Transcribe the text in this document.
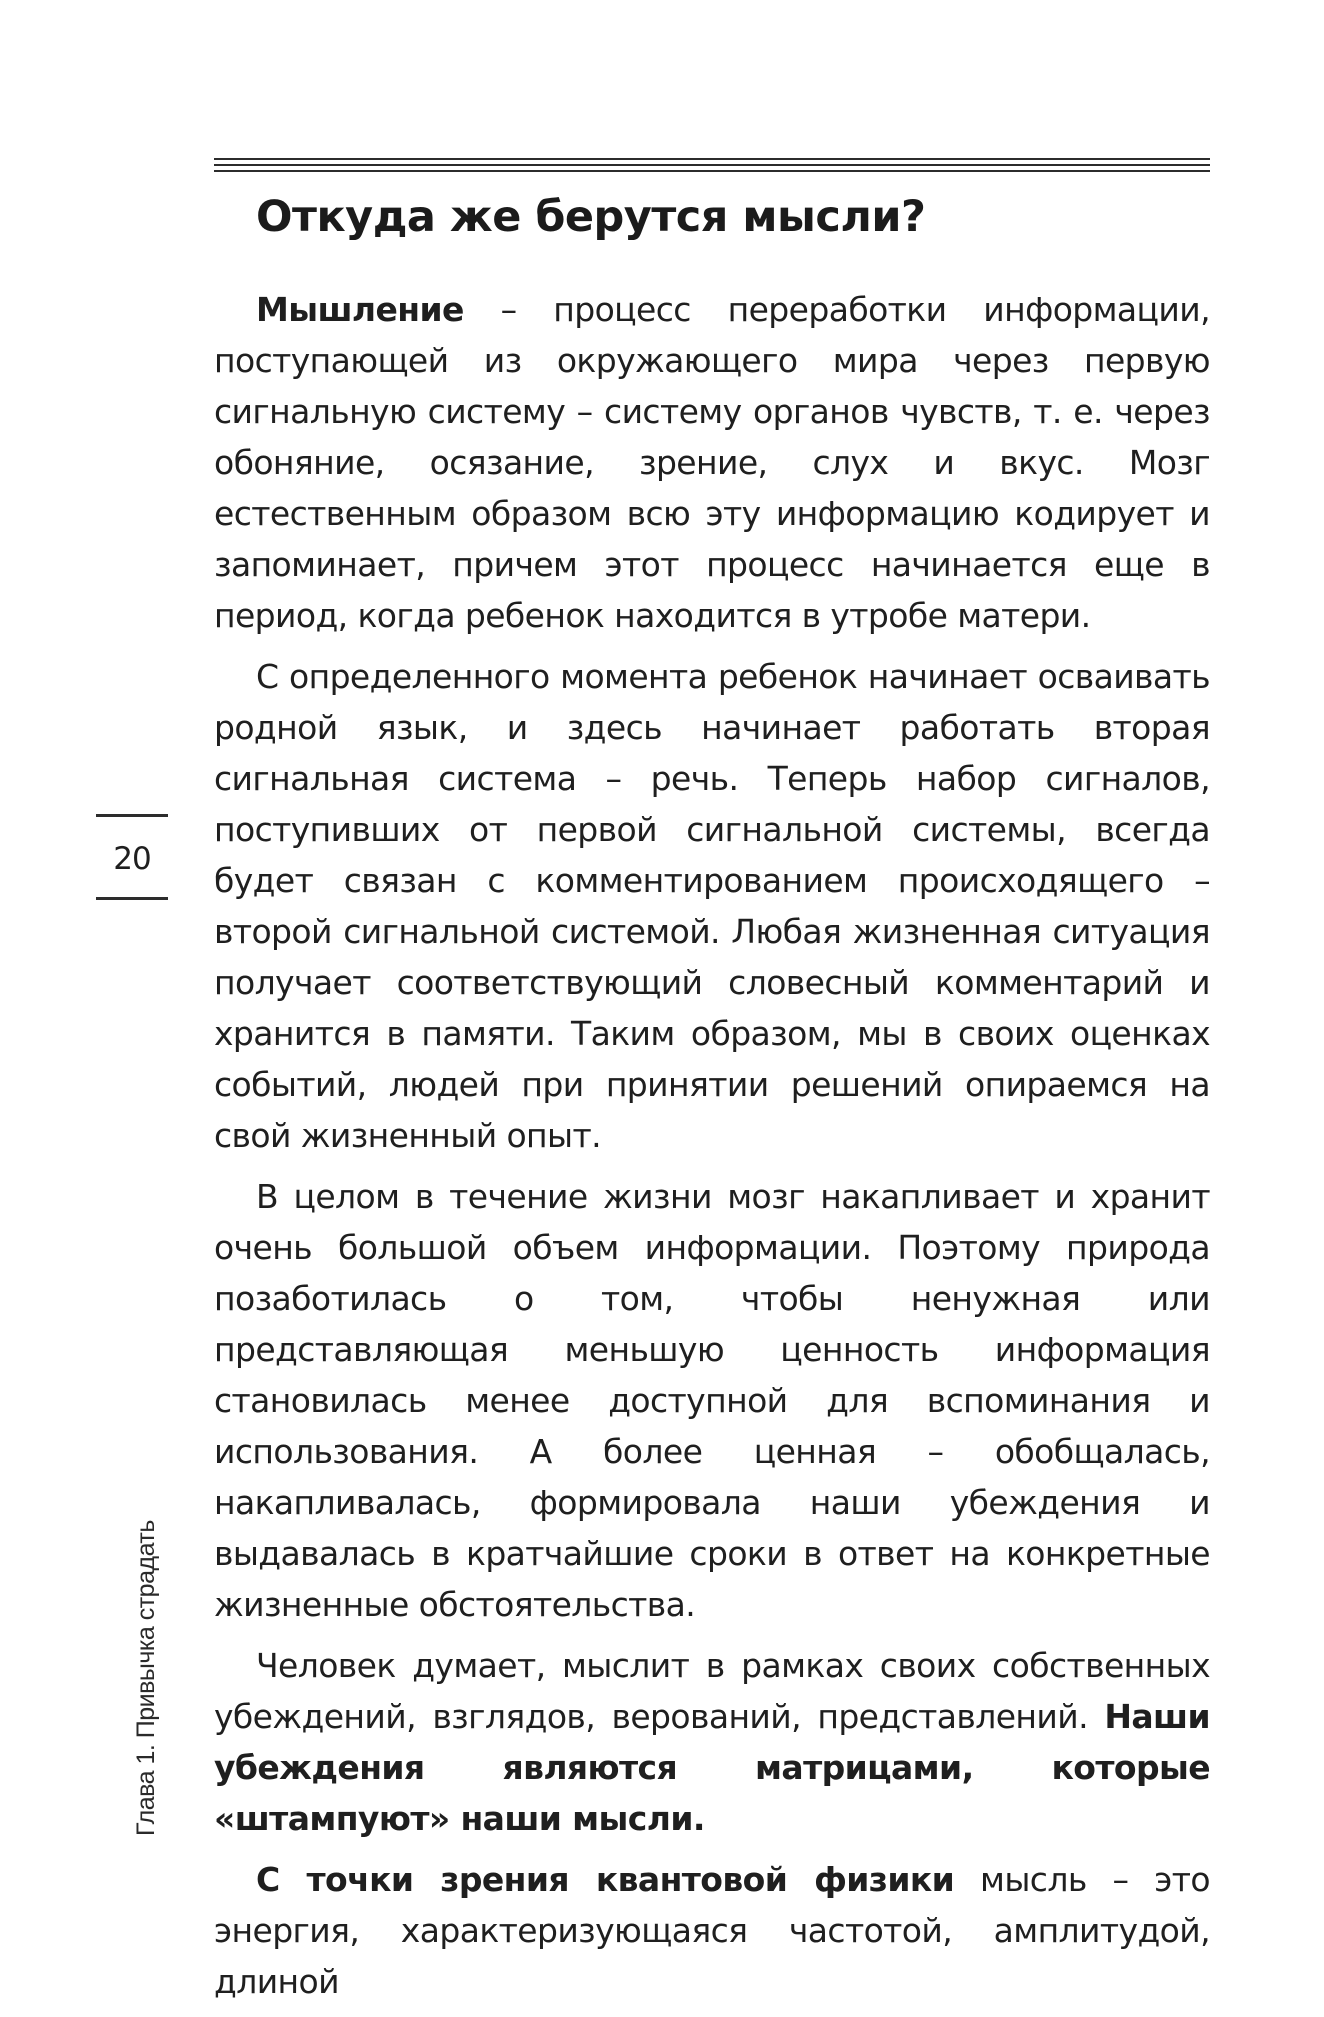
Откуда же берутся мысли?

Мышление – процесс переработки информации, поступающей из окружающего мира через первую сигнальную систему – систему органов чувств, т. е. через обоняние, осязание, зрение, слух и вкус. Мозг естественным образом всю эту информацию кодирует и запоминает, причем этот процесс начинается еще в период, когда ребенок находится в утробе матери.

С определенного момента ребенок начинает осваивать родной язык, и здесь начинает работать вторая сигнальная система – речь. Теперь набор сигналов, поступивших от первой сигнальной системы, всегда будет связан с комментированием происходящего – второй сигнальной системой. Любая жизненная ситуация получает соответствующий словесный комментарий и хранится в памяти. Таким образом, мы в своих оценках событий, людей при принятии решений опираемся на свой жизненный опыт.

В целом в течение жизни мозг накапливает и хранит очень большой объем информации. Поэтому природа позаботилась о том, чтобы ненужная или представляющая меньшую ценность информация становилась менее доступной для вспоминания и использования. А более ценная – обобщалась, накапливалась, формировала наши убеждения и выдавалась в кратчайшие сроки в ответ на конкретные жизненные обстоятельства.

Человек думает, мыслит в рамках своих собственных убеждений, взглядов, верований, представлений. Наши убеждения являются матрицами, которые «штампуют» наши мысли.

С точки зрения квантовой физики мысль – это энергия, характеризующаяся частотой, амплитудой, длиной

20
Глава 1. Привычка страдать
